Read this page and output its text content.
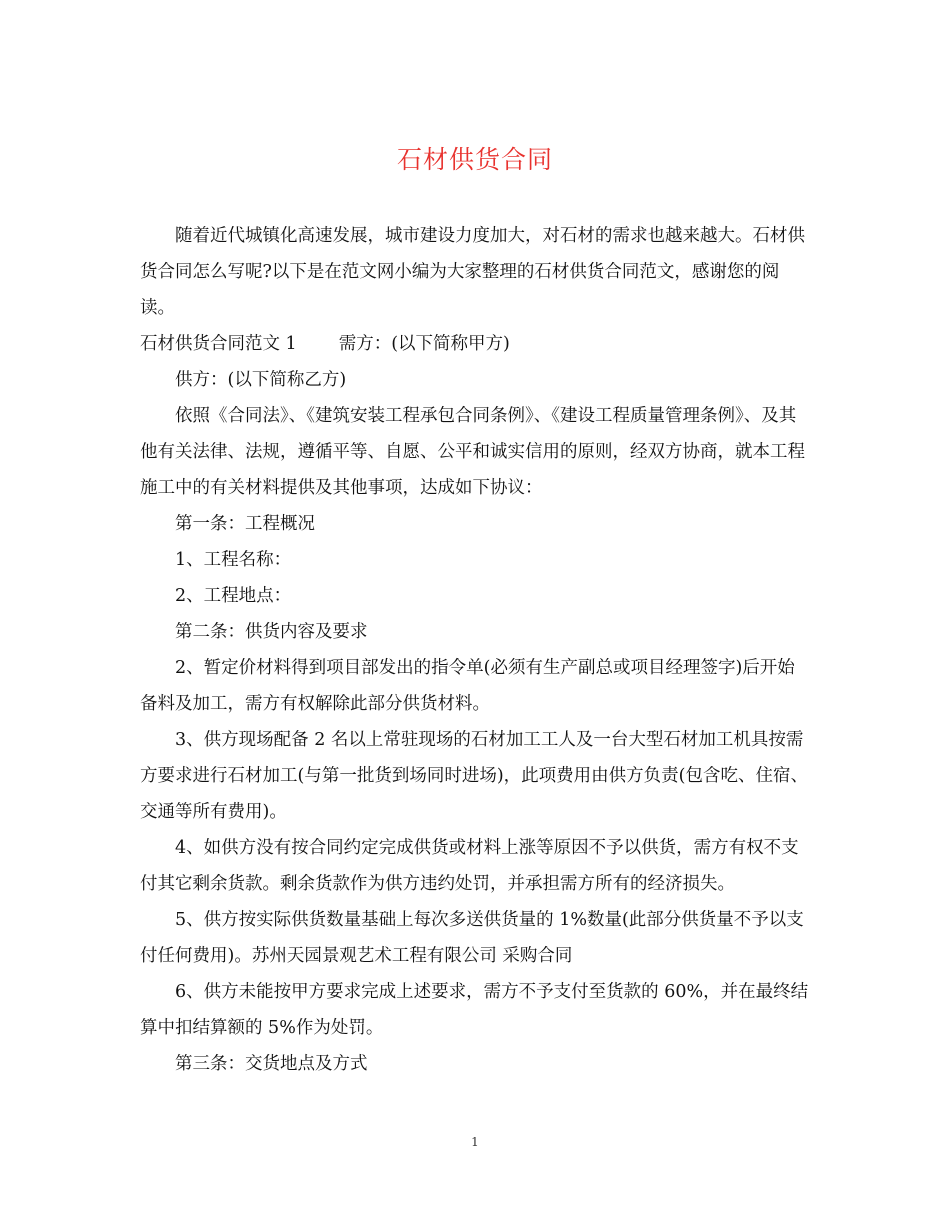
石材供货合同

随着近代城镇化高速发展，城市建设力度加大，对石材的需求也越来越大。石材供货合同怎么写呢?以下是在范文网小编为大家整理的石材供货合同范文，感谢您的阅读。

石材供货合同范文 1 需方：(以下简称甲方)

供方：(以下简称乙方)

依照《合同法》、《建筑安装工程承包合同条例》、《建设工程质量管理条例》、及其他有关法律、法规，遵循平等、自愿、公平和诚实信用的原则，经双方协商，就本工程施工中的有关材料提供及其他事项，达成如下协议：

第一条：工程概况

1、工程名称：

2、工程地点：

第二条：供货内容及要求

2、暂定价材料得到项目部发出的指令单(必须有生产副总或项目经理签字)后开始备料及加工，需方有权解除此部分供货材料。

3、供方现场配备 2 名以上常驻现场的石材加工工人及一台大型石材加工机具按需方要求进行石材加工(与第一批货到场同时进场)，此项费用由供方负责(包含吃、住宿、交通等所有费用)。

4、如供方没有按合同约定完成供货或材料上涨等原因不予以供货，需方有权不支付其它剩余货款。剩余货款作为供方违约处罚，并承担需方所有的经济损失。

5、供方按实际供货数量基础上每次多送供货量的 1%数量(此部分供货量不予以支付任何费用)。苏州天园景观艺术工程有限公司 采购合同

6、供方未能按甲方要求完成上述要求，需方不予支付至货款的 60%，并在最终结算中扣结算额的 5%作为处罚。

第三条：交货地点及方式

1
